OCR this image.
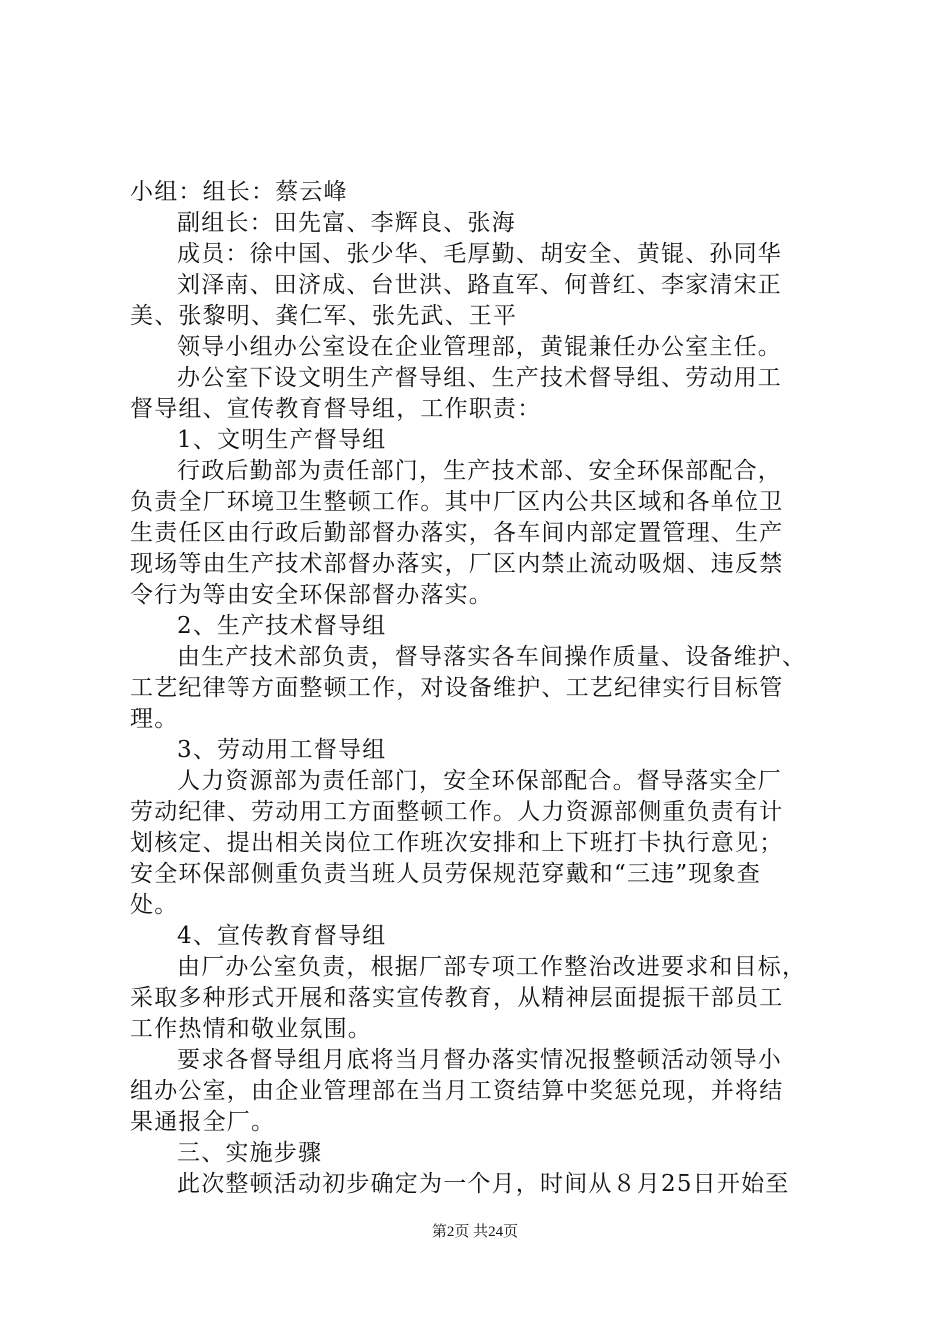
小组：组长：蔡云峰
副组长：田先富、李辉良、张海
成员：徐中国、张少华、毛厚勤、胡安全、黄锟、孙同华
刘泽南、田济成、台世洪、路直军、何普红、李家清宋正
美、张黎明、龚仁军、张先武、王平
领导小组办公室设在企业管理部，黄锟兼任办公室主任。
办公室下设文明生产督导组、生产技术督导组、劳动用工
督导组、宣传教育督导组，工作职责：
1、文明生产督导组
行政后勤部为责任部门，生产技术部、安全环保部配合，
负责全厂环境卫生整顿工作。其中厂区内公共区域和各单位卫
生责任区由行政后勤部督办落实，各车间内部定置管理、生产
现场等由生产技术部督办落实，厂区内禁止流动吸烟、违反禁
令行为等由安全环保部督办落实。
2、生产技术督导组
由生产技术部负责，督导落实各车间操作质量、设备维护、
工艺纪律等方面整顿工作，对设备维护、工艺纪律实行目标管
理。
3、劳动用工督导组
人力资源部为责任部门，安全环保部配合。督导落实全厂
劳动纪律、劳动用工方面整顿工作。人力资源部侧重负责有计
划核定、提出相关岗位工作班次安排和上下班打卡执行意见；
安全环保部侧重负责当班人员劳保规范穿戴和“三违”现象查
处。
4、宣传教育督导组
由厂办公室负责，根据厂部专项工作整治改进要求和目标，
采取多种形式开展和落实宣传教育，从精神层面提振干部员工
工作热情和敬业氛围。
要求各督导组月底将当月督办落实情况报整顿活动领导小
组办公室，由企业管理部在当月工资结算中奖惩兑现，并将结
果通报全厂。
三、实施步骤
此次整顿活动初步确定为一个月，时间从８月25日开始至
第2页 共24页
